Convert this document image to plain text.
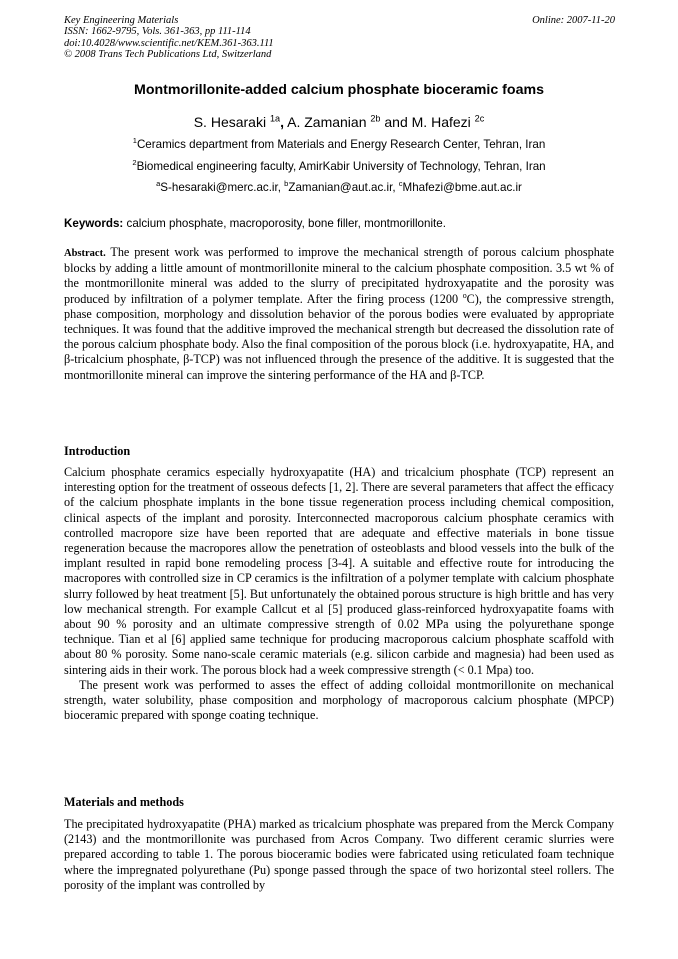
Key Engineering Materials
ISSN: 1662-9795, Vols. 361-363, pp 111-114
doi:10.4028/www.scientific.net/KEM.361-363.111
© 2008 Trans Tech Publications Ltd, Switzerland
Online: 2007-11-20
Montmorillonite-added calcium phosphate bioceramic foams
S. Hesaraki $^{1a}$, A. Zamanian $^{2b}$ and M. Hafezi $^{2c}$
$^1$Ceramics department from Materials and Energy Research Center, Tehran, Iran
$^2$Biomedical engineering faculty, AmirKabir University of Technology, Tehran, Iran
$^a$S-hesaraki@merc.ac.ir, $^b$Zamanian@aut.ac.ir, $^c$Mhafezi@bme.aut.ac.ir
Keywords: calcium phosphate, macroporosity, bone filler, montmorillonite.
Abstract. The present work was performed to improve the mechanical strength of porous calcium phosphate blocks by adding a little amount of montmorillonite mineral to the calcium phosphate composition. 3.5 wt % of the montmorillonite mineral was added to the slurry of precipitated hydroxyapatite and the porosity was produced by infiltration of a polymer template. After the firing process (1200 $^o$C), the compressive strength, phase composition, morphology and dissolution behavior of the porous bodies were evaluated by appropriate techniques. It was found that the additive improved the mechanical strength but decreased the dissolution rate of the porous calcium phosphate body. Also the final composition of the porous block (i.e. hydroxyapatite, HA, and β-tricalcium phosphate, β-TCP) was not influenced through the presence of the additive. It is suggested that the montmorillonite mineral can improve the sintering performance of the HA and β-TCP.
Introduction

Calcium phosphate ceramics especially hydroxyapatite (HA) and tricalcium phosphate (TCP) represent an interesting option for the treatment of osseous defects [1, 2]. There are several parameters that affect the efficacy of the calcium phosphate implants in the bone tissue regeneration process including chemical composition, clinical aspects of the implant and porosity. Interconnected macroporous calcium phosphate ceramics with controlled macropore size have been reported that are adequate and effective materials in bone tissue regeneration because the macropores allow the penetration of osteoblasts and blood vessels into the bulk of the implant resulted in rapid bone remodeling process [3-4]. A suitable and effective route for introducing the macropores with controlled size in CP ceramics is the infiltration of a polymer template with calcium phosphate slurry followed by heat treatment [5]. But unfortunately the obtained porous structure is high brittle and has very low mechanical strength. For example Callcut et al [5] produced glass-reinforced hydroxyapatite foams with about 90 % porosity and an ultimate compressive strength of 0.02 MPa using the polyurethane sponge technique. Tian et al [6] applied same technique for producing macroporous calcium phosphate scaffold with about 80 % porosity. Some nano-scale ceramic materials (e.g. silicon carbide and magnesia) had been used as sintering aids in their work. The porous block had a week compressive strength (< 0.1 Mpa) too.

The present work was performed to asses the effect of adding colloidal montmorillonite on mechanical strength, water solubility, phase composition and morphology of macroporous calcium phosphate (MPCP) bioceramic prepared with sponge coating technique.

Materials and methods

The precipitated hydroxyapatite (PHA) marked as tricalcium phosphate was prepared from the Merck Company (2143) and the montmorillonite was purchased from Acros Company. Two different ceramic slurries were prepared according to table 1. The porous bioceramic bodies were fabricated using reticulated foam technique where the impregnated polyurethane (Pu) sponge passed through the space of two horizontal steel rollers. The porosity of the implant was controlled by
